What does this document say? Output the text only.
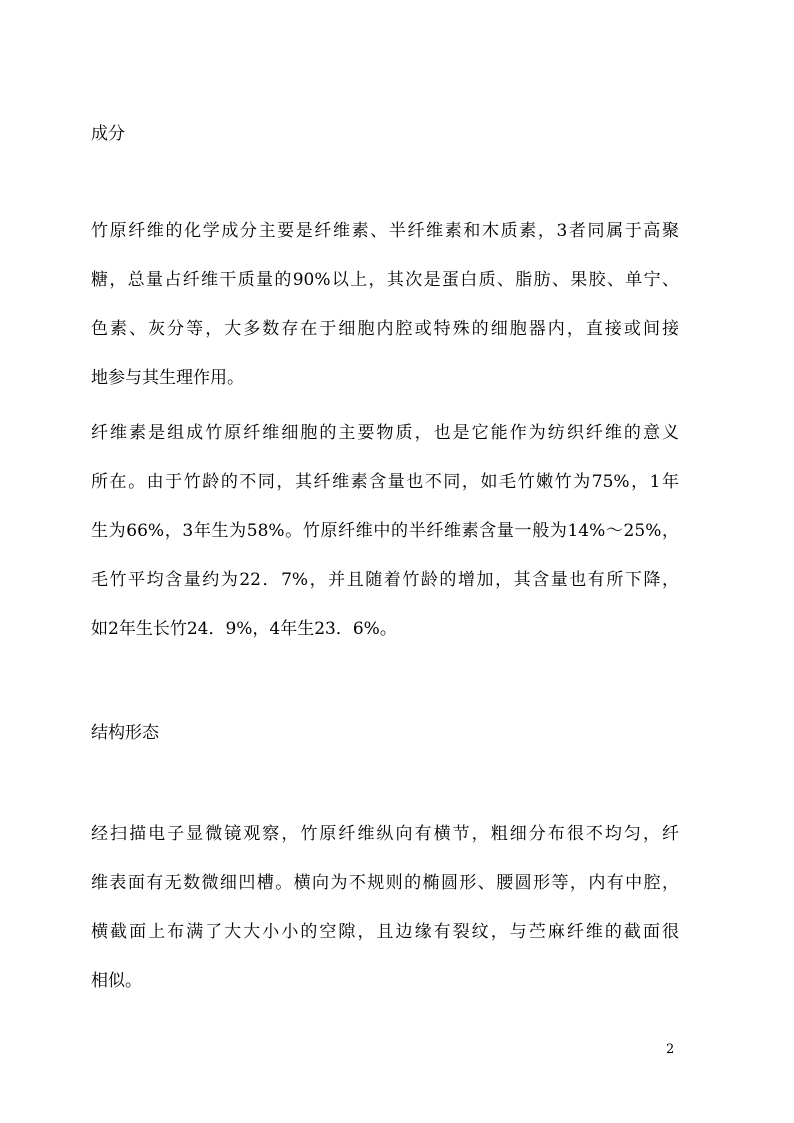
成分

竹原纤维的化学成分主要是纤维素、半纤维素和木质素，3者同属于高聚
糖，总量占纤维干质量的90%以上，其次是蛋白质、脂肪、果胶、单宁、
色素、灰分等，大多数存在于细胞内腔或特殊的细胞器内，直接或间接
地参与其生理作用。

纤维素是组成竹原纤维细胞的主要物质，也是它能作为纺织纤维的意义
所在。由于竹龄的不同，其纤维素含量也不同，如毛竹嫩竹为75%，1年
生为66%，3年生为58%。竹原纤维中的半纤维素含量一般为14%～25%，
毛竹平均含量约为22．7%，并且随着竹龄的增加，其含量也有所下降，
如2年生长竹24．9%，4年生23．6%。

结构形态

经扫描电子显微镜观察，竹原纤维纵向有横节，粗细分布很不均匀，纤
维表面有无数微细凹槽。横向为不规则的椭圆形、腰圆形等，内有中腔，
横截面上布满了大大小小的空隙，且边缘有裂纹，与苎麻纤维的截面很
相似。

2
